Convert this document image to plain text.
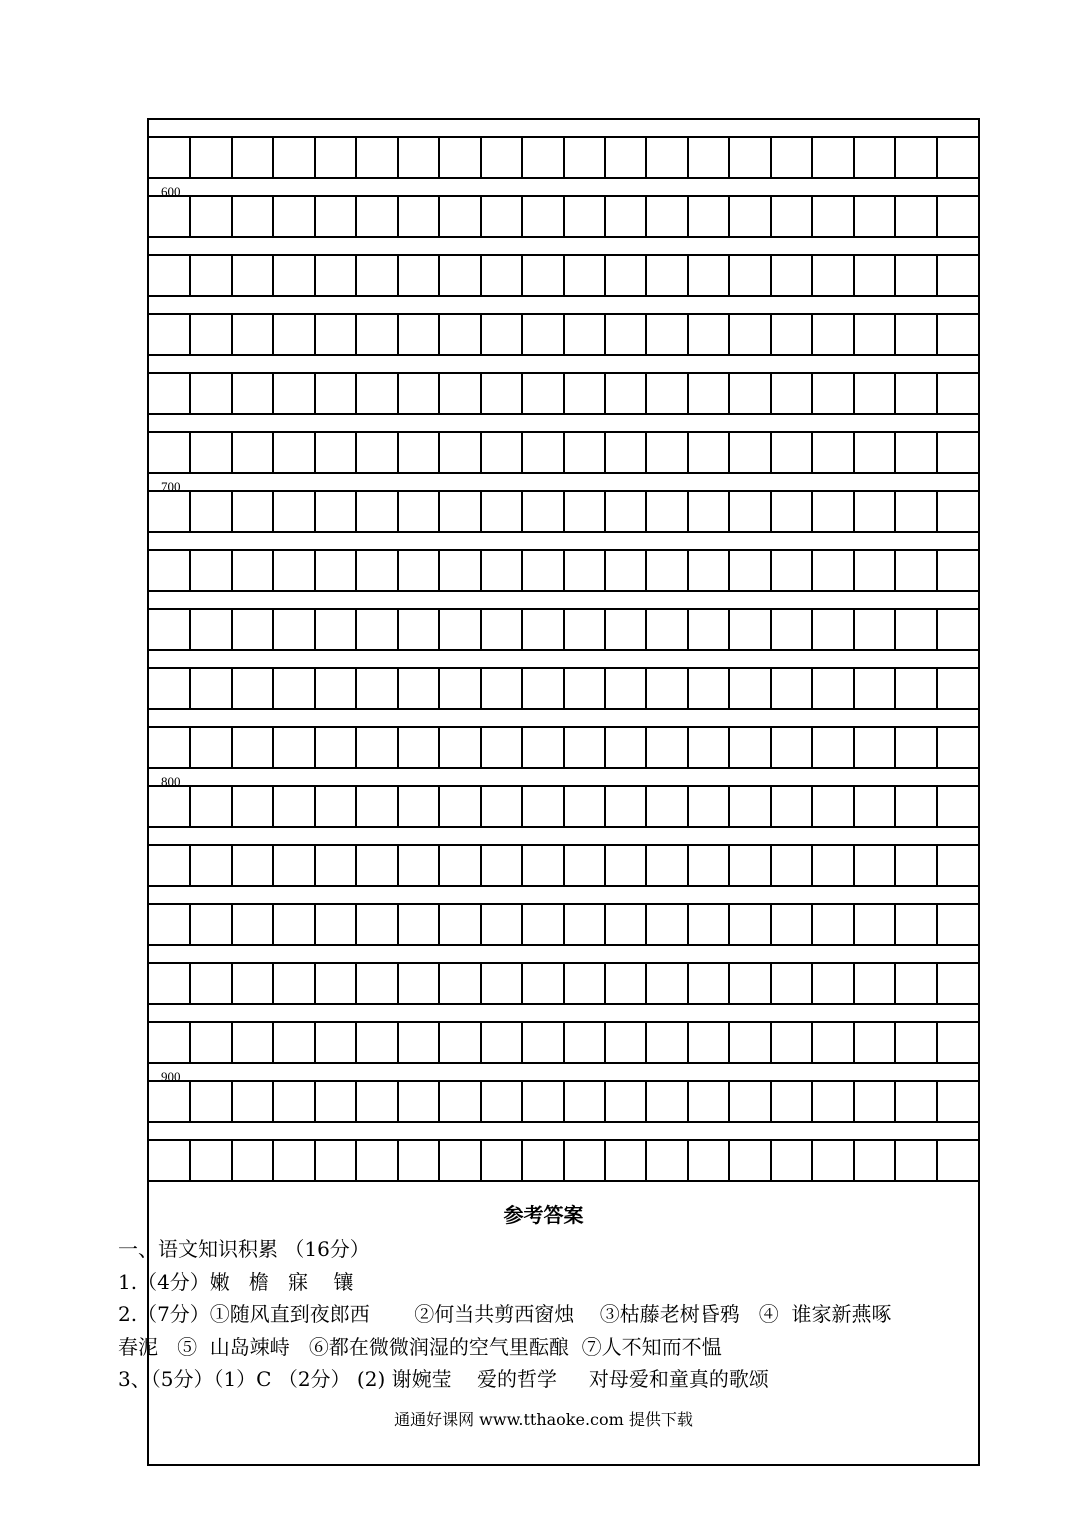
600
700
800
900
参考答案
一、语文知识积累 （16分）
1.（4分）嫩   檐   寐    镶
2.（7分）①随风直到夜郎西       ②何当共剪西窗烛    ③枯藤老树昏鸦   ④  谁家新燕啄
春泥   ⑤  山岛竦峙   ⑥都在微微润湿的空气里酝酿  ⑦人不知而不愠
3、（5分）（1）C （2分） (2) 谢婉莹    爱的哲学     对母爱和童真的歌颂
通通好课网 www.tthaoke.com 提供下载
